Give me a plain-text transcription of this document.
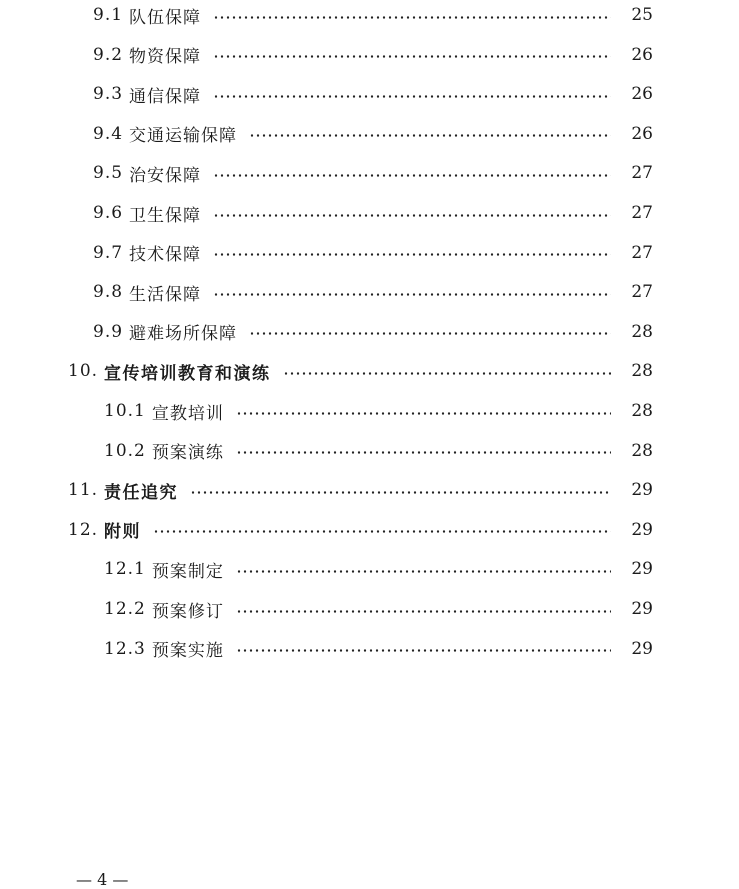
9.1 队伍保障	25
9.2 物资保障	26
9.3 通信保障	26
9.4 交通运输保障	26
9.5 治安保障	27
9.6 卫生保障	27
9.7 技术保障	27
9.8 生活保障	27
9.9 避难场所保障	28
10. 宣传培训教育和演练	28
10.1 宣教培训	28
10.2 预案演练	28
11. 责任追究	29
12. 附则	29
12.1 预案制定	29
12.2 预案修订	29
12.3 预案实施	29
— 4 —
